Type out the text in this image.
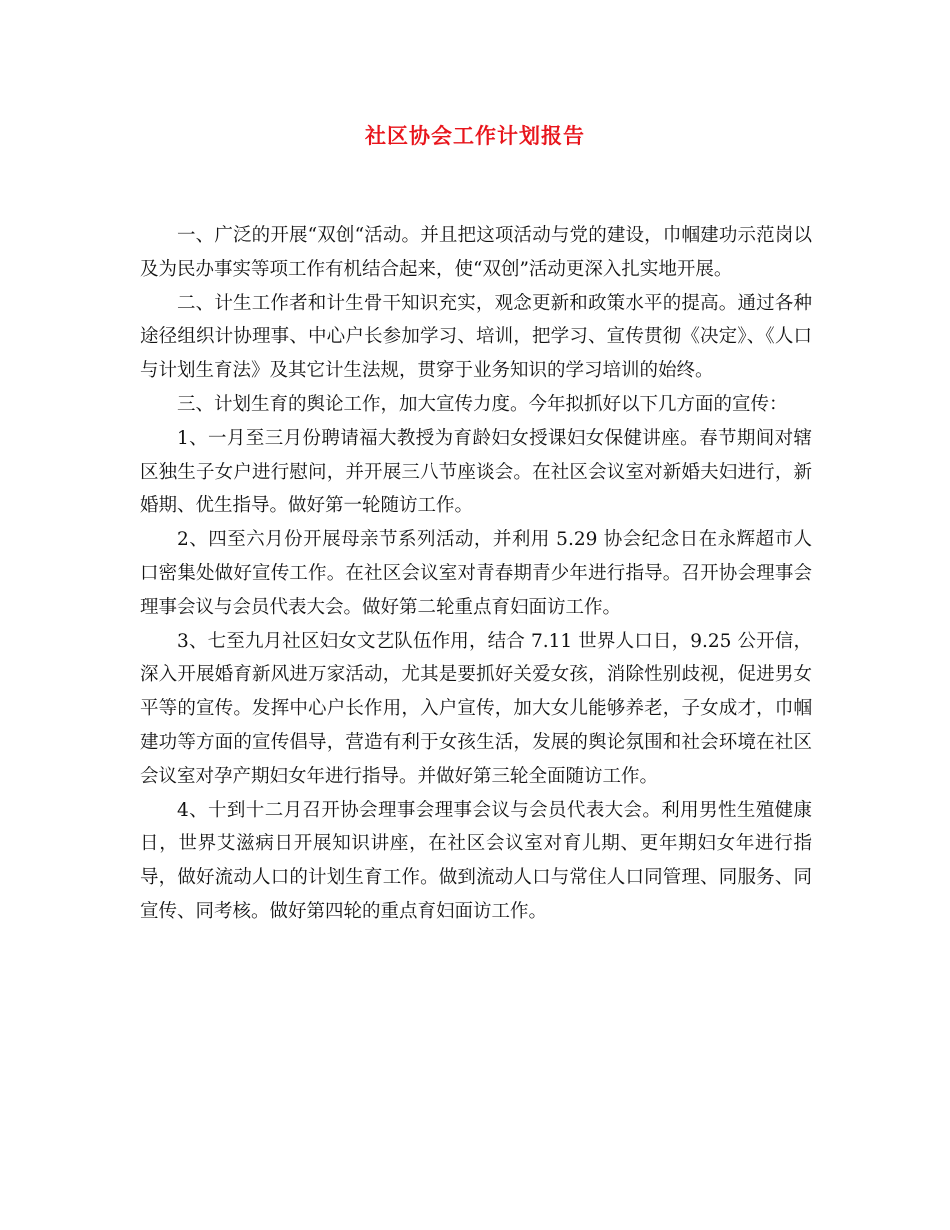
社区协会工作计划报告

一、广泛的开展“双创“活动。并且把这项活动与党的建设，巾帼建功示范岗以及为民办事实等项工作有机结合起来，使“双创”活动更深入扎实地开展。

二、计生工作者和计生骨干知识充实，观念更新和政策水平的提高。通过各种途径组织计协理事、中心户长参加学习、培训，把学习、宣传贯彻《决定》、《人口与计划生育法》及其它计生法规，贯穿于业务知识的学习培训的始终。

三、计划生育的舆论工作，加大宣传力度。今年拟抓好以下几方面的宣传：

1、一月至三月份聘请福大教授为育龄妇女授课妇女保健讲座。春节期间对辖区独生子女户进行慰问，并开展三八节座谈会。在社区会议室对新婚夫妇进行，新婚期、优生指导。做好第一轮随访工作。

2、四至六月份开展母亲节系列活动，并利用 5.29 协会纪念日在永辉超市人口密集处做好宣传工作。在社区会议室对青春期青少年进行指导。召开协会理事会理事会议与会员代表大会。做好第二轮重点育妇面访工作。

3、七至九月社区妇女文艺队伍作用，结合 7.11 世界人口日，9.25 公开信，深入开展婚育新风进万家活动，尤其是要抓好关爱女孩，消除性别歧视，促进男女平等的宣传。发挥中心户长作用，入户宣传，加大女儿能够养老，子女成才，巾帼建功等方面的宣传倡导，营造有利于女孩生活，发展的舆论氛围和社会环境在社区会议室对孕产期妇女年进行指导。并做好第三轮全面随访工作。

4、十到十二月召开协会理事会理事会议与会员代表大会。利用男性生殖健康日，世界艾滋病日开展知识讲座，在社区会议室对育儿期、更年期妇女年进行指导，做好流动人口的计划生育工作。做到流动人口与常住人口同管理、同服务、同宣传、同考核。做好第四轮的重点育妇面访工作。
